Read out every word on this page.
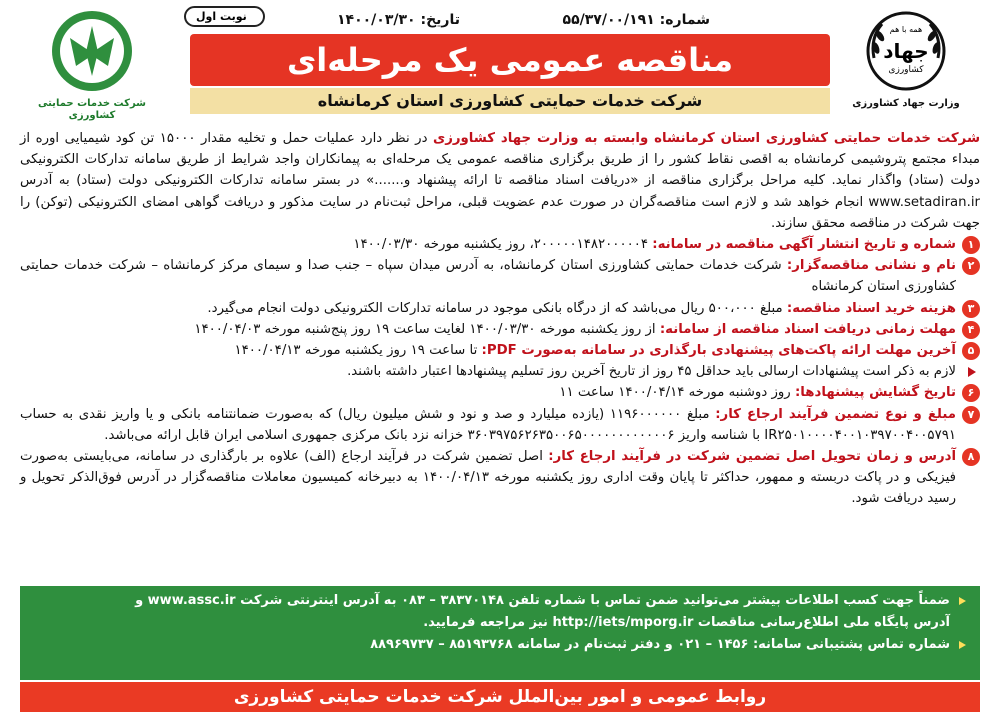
همه با هم
جهاد
کشاورزی
وزارت جهاد کشاورزی
شرکت خدمات حمایتی کشاورزی
شماره: ۵۵/۳۷/۰۰/۱۹۱
تاریخ: ۱۴۰۰/۰۳/۳۰
نوبت اول
مناقصه عمومی یک مرحله‌ای
شرکت خدمات حمایتی کشاورزی استان کرمانشاه
شرکت خدمات حمایتی کشاورزی استان کرمانشاه وابسته به وزارت جهاد کشاورزی در نظر دارد عملیات حمل و تخلیه مقدار ۱۵۰۰۰ تن کود شیمیایی اوره از مبداء مجتمع پتروشیمی کرمانشاه به اقصی نقاط کشور را از طریق برگزاری مناقصه عمومی یک مرحله‌ای به پیمانکاران واجد شرایط از طریق سامانه تدارکات الکترونیکی دولت (ستاد) واگذار نماید. کلیه مراحل برگزاری مناقصه از «دریافت اسناد مناقصه تا ارائه پیشنهاد و.......» در بستر سامانه تدارکات الکترونیکی دولت (ستاد) به آدرس www.setadiran.ir انجام خواهد شد و لازم است مناقصه‌گران در صورت عدم عضویت قبلی، مراحل ثبت‌نام در سایت مذکور و دریافت گواهی امضای الکترونیکی (توکن) را جهت شرکت در مناقصه محقق سازند.
۱
شماره و تاریخ انتشار آگهی مناقصه در سامانه: ۲۰۰۰۰۰۱۴۸۲۰۰۰۰۰۴، روز یکشنبه مورخه ۱۴۰۰/۰۳/۳۰
۲
نام و نشانی مناقصه‌گزار: شرکت خدمات حمایتی کشاورزی استان کرمانشاه، به آدرس میدان سپاه – جنب صدا و سیمای مرکز کرمانشاه – شرکت خدمات حمایتی کشاورزی استان کرمانشاه
۳
هزینه خرید اسناد مناقصه: مبلغ ۵۰۰،۰۰۰ ریال می‌باشد که از درگاه بانکی موجود در سامانه تدارکات الکترونیکی دولت انجام می‌گیرد.
۴
مهلت زمانی دریافت اسناد مناقصه از سامانه: از روز یکشنبه مورخه ۱۴۰۰/۰۳/۳۰ لغایت ساعت ۱۹ روز پنج‌شنبه مورخه ۱۴۰۰/۰۴/۰۳
۵
آخرین مهلت ارائه پاکت‌های پیشنهادی بارگذاری در سامانه به‌صورت PDF: تا ساعت ۱۹ روز یکشنبه مورخه ۱۴۰۰/۰۴/۱۳
لازم به ذکر است پیشنهادات ارسالی باید حداقل ۴۵ روز از تاریخ آخرین روز تسلیم پیشنهادها اعتبار داشته باشند.
۶
تاریخ گشایش پیشنهادها: روز دوشنبه مورخه ۱۴۰۰/۰۴/۱۴ ساعت ۱۱
۷
مبلغ و نوع تضمین فرآیند ارجاع کار: مبلغ ۱۱۹۶۰۰۰۰۰۰ (یازده میلیارد و صد و نود و شش میلیون ریال) که به‌صورت ضمانتنامه بانکی و یا واریز نقدی به حساب IR۲۵۰۱۰۰۰۰۴۰۰۱۰۳۹۷۰۰۴۰۰۵۷۹۱ با شناسه واریز ۳۶۰۳۹۷۵۶۲۶۳۵۰۰۶۵۰۰۰۰۰۰۰۰۰۰۰۰۶ خزانه نزد بانک مرکزی جمهوری اسلامی ایران قابل ارائه می‌باشد.
۸
آدرس و زمان تحویل اصل تضمین شرکت در فرآیند ارجاع کار: اصل تضمین شرکت در فرآیند ارجاع (الف) علاوه بر بارگذاری در سامانه، می‌بایستی به‌صورت فیزیکی و در پاکت دربسته و ممهور، حداکثر تا پایان وقت اداری روز یکشنبه مورخه ۱۴۰۰/۰۴/۱۳ به دبیرخانه کمیسیون معاملات مناقصه‌گزار در آدرس فوق‌الذکر تحویل و رسید دریافت شود.
ضمناً جهت کسب اطلاعات بیشتر می‌توانید ضمن تماس با شماره تلفن ۳۸۳۷۰۱۴۸ – ۰۸۳ به آدرس اینترنتی شرکت www.assc.ir و
آدرس پایگاه ملی اطلاع‌رسانی مناقصات http://iets/mporg.ir نیز مراجعه فرمایید.
شماره تماس پشتیبانی سامانه: ۱۴۵۶ – ۰۲۱ و دفتر ثبت‌نام در سامانه ۸۵۱۹۳۷۶۸ – ۸۸۹۶۹۷۳۷
روابط عمومی و امور بین‌الملل شرکت خدمات حمایتی کشاورزی
